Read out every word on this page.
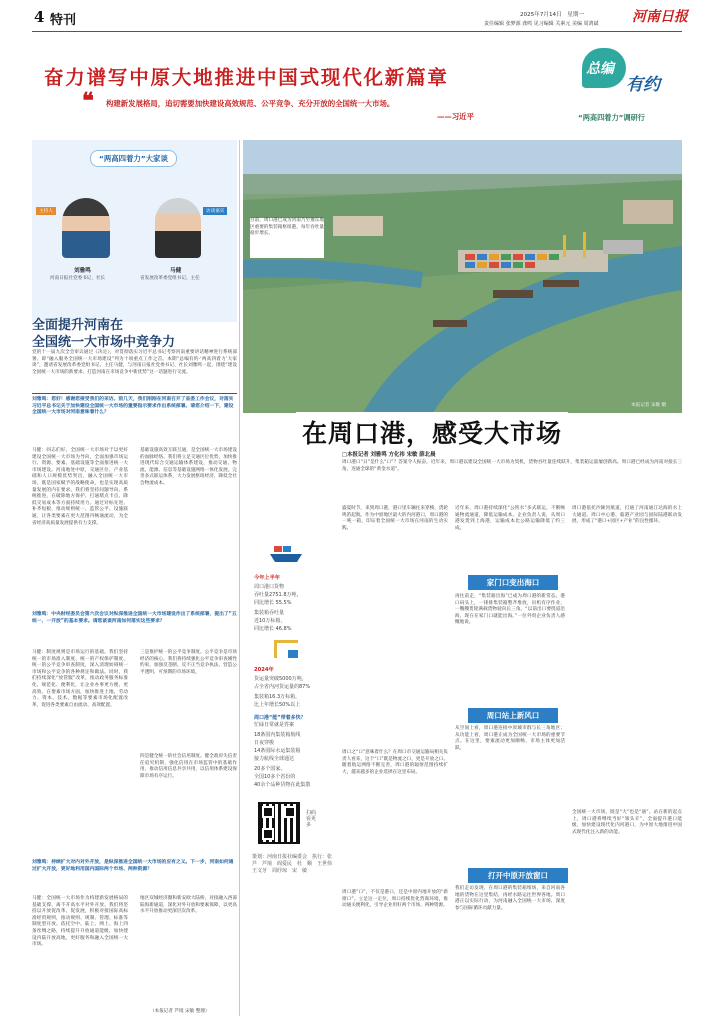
4 特刊	2025年7月14日　星期一
责任编辑 张梦源 龚鸣 见习编辑 关素元 美编 周鸿斌 河南日报
奋力谱写中原大地推进中国式现代化新篇章	总编
有约
“两高四着力”调研行
❝ 构建新发展格局，追切需要加快建设高效规范、公平竞争、充分开放的全国统一大市场。
——习近平
“两高四着力”大家谈
主持人	访谈嘉宾
刘雅鸣
河南日报社党委书记、社长
马健
省发展改革委党组书记、主任
全面提升河南在
全国统一大市场中竞争力
党的十一届九次全会审议通过《决定》，对贯彻落实习近平总书记考察河南重要讲话精神进行系统部署。即“融入服务全国统一大市场建设”列为十项重点工作之首。本期“总编有约·‘两高四着力’大家谈”，邀请省发展改革委党组书记、主任马健，与河南日报社党委书记、社长刘雅鸣一起，围绕“建设全国统一大市场的新要求、打造河南在市场竞争中新优势”这一话题进行交流。
刘雅鸣：您好！感谢您接受我们的采访。前几天，我们刚刚在河南召开了省委工作会议，对落实习近平总书记关于加快建设全国统一大市场的重要指示要求作出系统部署。请您介绍一下，建设全国统一大市场对河南意味着什么？
马健：同志们好。全国统一大市场对于以更好建设全国统一大市场为导向，全面加强市场运行、资源、要素、基础设施等全面推进统一大市场建设。河南地处中原，交通区位、产业基础和人口规模优势突出，融入全国统一大市场，既是国家赋予的战略使命，也是实现高质量发展的内在要求。我们将坚持问题导向、系统推进，在破除地方保护、打通堵点卡点、降低交易成本等方面持续用力。通过对标先进、补齐短板，推动规则统一、监管公平、设施联通，让各类要素在更大范围内畅通流动，为全省经济高质量发展提供有力支撑。
基础设施高效互联互通，是全国统一大市场建设的血脉经络。我们将立足交通区位优势，加快推进现代综合交通运输体系建设，推动交通、物流、能源、信息等基础设施网络一体化发展。完善多式联运体系，大力发展枢纽经济，降低全社会物流成本。
刘雅鸣：中央财经委员会第六次会议对纵深推进全国统一大市场建设作出了系统部署，提出了“五统一、一开放”的基本要求。请您谈谈河南如何落实这些要求？
马健：制度规则是市场运行的基础。我们坚持统一的市场准入制度、统一的产权保护制度、统一的公平竞争审查制度，深入清理妨碍统一市场和公平竞争的各种规定和做法。同时，我们持续深化“放管服”改革，推动政务服务标准化、规范化、便利化，让企业办事更方便、更高效。在要素市场方面，加快推进土地、劳动力、资本、技术、数据等要素市场化配置改革，促进各类要素自由流动、高效配置。
三是推护统一的公平竞争制度。公平竞争是市场经济的核心。我们将持续强化公平竞争审查刚性约束，加强反垄断、反不正当竞争执法，营造公平透明、可预期的市场环境。
四是健全统一的社会信用制度。健全政府失信责任追究机制，强化信用在市场监管中的基础作用，推动信用信息共享共用，以信用体系建设保障市场有序运行。
刘雅鸣：持续扩大对内对外开放，是纵深推进全国统一大市场的应有之义。下一步，河南如何通过扩大开放，更好地利用国内国际两个市场、两种资源？
马健：全国统一大市场作为构建新发展格局的基础支撑，离不开高水平对外开放。我们将坚持以开放促改革、促发展，积极对接国际高标准经贸规则，推动规则、规制、管理、标准等制度型开放。依托空中、陆上、网上、海上四条丝绸之路，持续提升开放通道能级，加快建设内陆开放高地，更好服务和融入全国统一大市场。
地区双城经济圈和新安欧大陆桥，对接融入西部陆海新通道，深化对外开放和要素保障，以更高水平开放推动更深层次改革。
（本报记者 芦境 宋敏 整理）
本报记者 宋敏 摄
在周口港，感受大市场
目前，周口港已成为河南乃至豫东地区重要的集装箱枢纽港，每年吞吐量稳步增长。
今年上半年
周口港口货物
吞吐量2751.8万吨，
同比增长 55.5%
集装箱吞吐量
近10万标箱，
同比增长 46.8%
2024年
货运量突破5000万吨，
占全省内河货运量的87%
集装箱16.3万标箱，
比上年增长50%以上
周口港“能”带着多快？
忙碌日常就是答案
18条国内集装箱航线
日夜穿梭
14条国际水运集装箱
接力航线全球通达
20多个国家、
全国10多个省份的
40余个品种货物在此集散
扫码看更多
策划：河南日报社编委会　执行：张　芦　芦境　阎爱民　杜　顺　王世伟　王文牙　周纾琼　宋　敏
□本报记者 刘雅鸣 方化祎 宋敏 薛北晨
周口港口“日”是什么“口”？答案令人振奋。近年来，周口港以建设全国统一大市场为契机，货物吞吐量连续跃升，集装箱运量屡创新高。周口港已经成为河南对接长三角、连通全球的“黄金水道”。
盛夏时节，来到周口港，港口里车辆往来穿梭、货轮鸣笛起航。作为中原地区最大的内河港口，周口港的一吨一箱，印证着全国统一大市场在河南的生动实践。
周口之“口”意味着什么？在周口市交通运输局相关负责人看来，这个“口”既是物流之口，更是开放之口。随着航运网络不断完善，周口港的辐射范围持续扩大，越来越多的企业选择在这里布局。
周口港“口”，不仅是港口，还是中原内地开放的“新窗口”。立足这一定位，周口持续优化营商环境，推动通关便利化，引导企业用好两个市场、两种资源。
近年来，周口港持续深化“公铁水”多式联运，不断畅通物流通道，降低运输成本。企业负责人说，从周口港发货到上海港，运输成本比公路运输降低了约三成。
家门口变出海口
再往前走，“集装箱出海”已成为周口港的新常态。港口码头上，一排排集装箱整齐堆放，吊机有序作业，一艘艘货轮满载货物驶向长三角。“以前出口要绕道沿海，现在在家门口就能出海。”一位外贸企业负责人感慨地说。
周口站上新风口
从空间上看，周口港连接中原城市群与长三角地区；从功能上看，周口港正成为全国统一大市场的重要节点。在这里，要素流动更加顺畅，市场主体更加活跃。
打开中原开放窗口
我们走访发现，在周口港的集装箱堆场，来自河南各地的货物在这里集结，再经水路运往世界各地。周口港正以实际行动，为河南融入全国统一大市场、深度参与国际循环贡献力量。
周口港依托沙颍河航道，打通了河南通江达海的水上大通道。周口中心港、临港产业园与国际陆港联动发展，形成了“港口+园区+产业”的良性循环。
全国统一大市场，既是“大”也是“通”。站在新的起点上，周口港将继续当好“领头羊”，全面提升港口能级，加快建设现代化内河港口，为中原大地推进中国式现代化注入新的动能。
